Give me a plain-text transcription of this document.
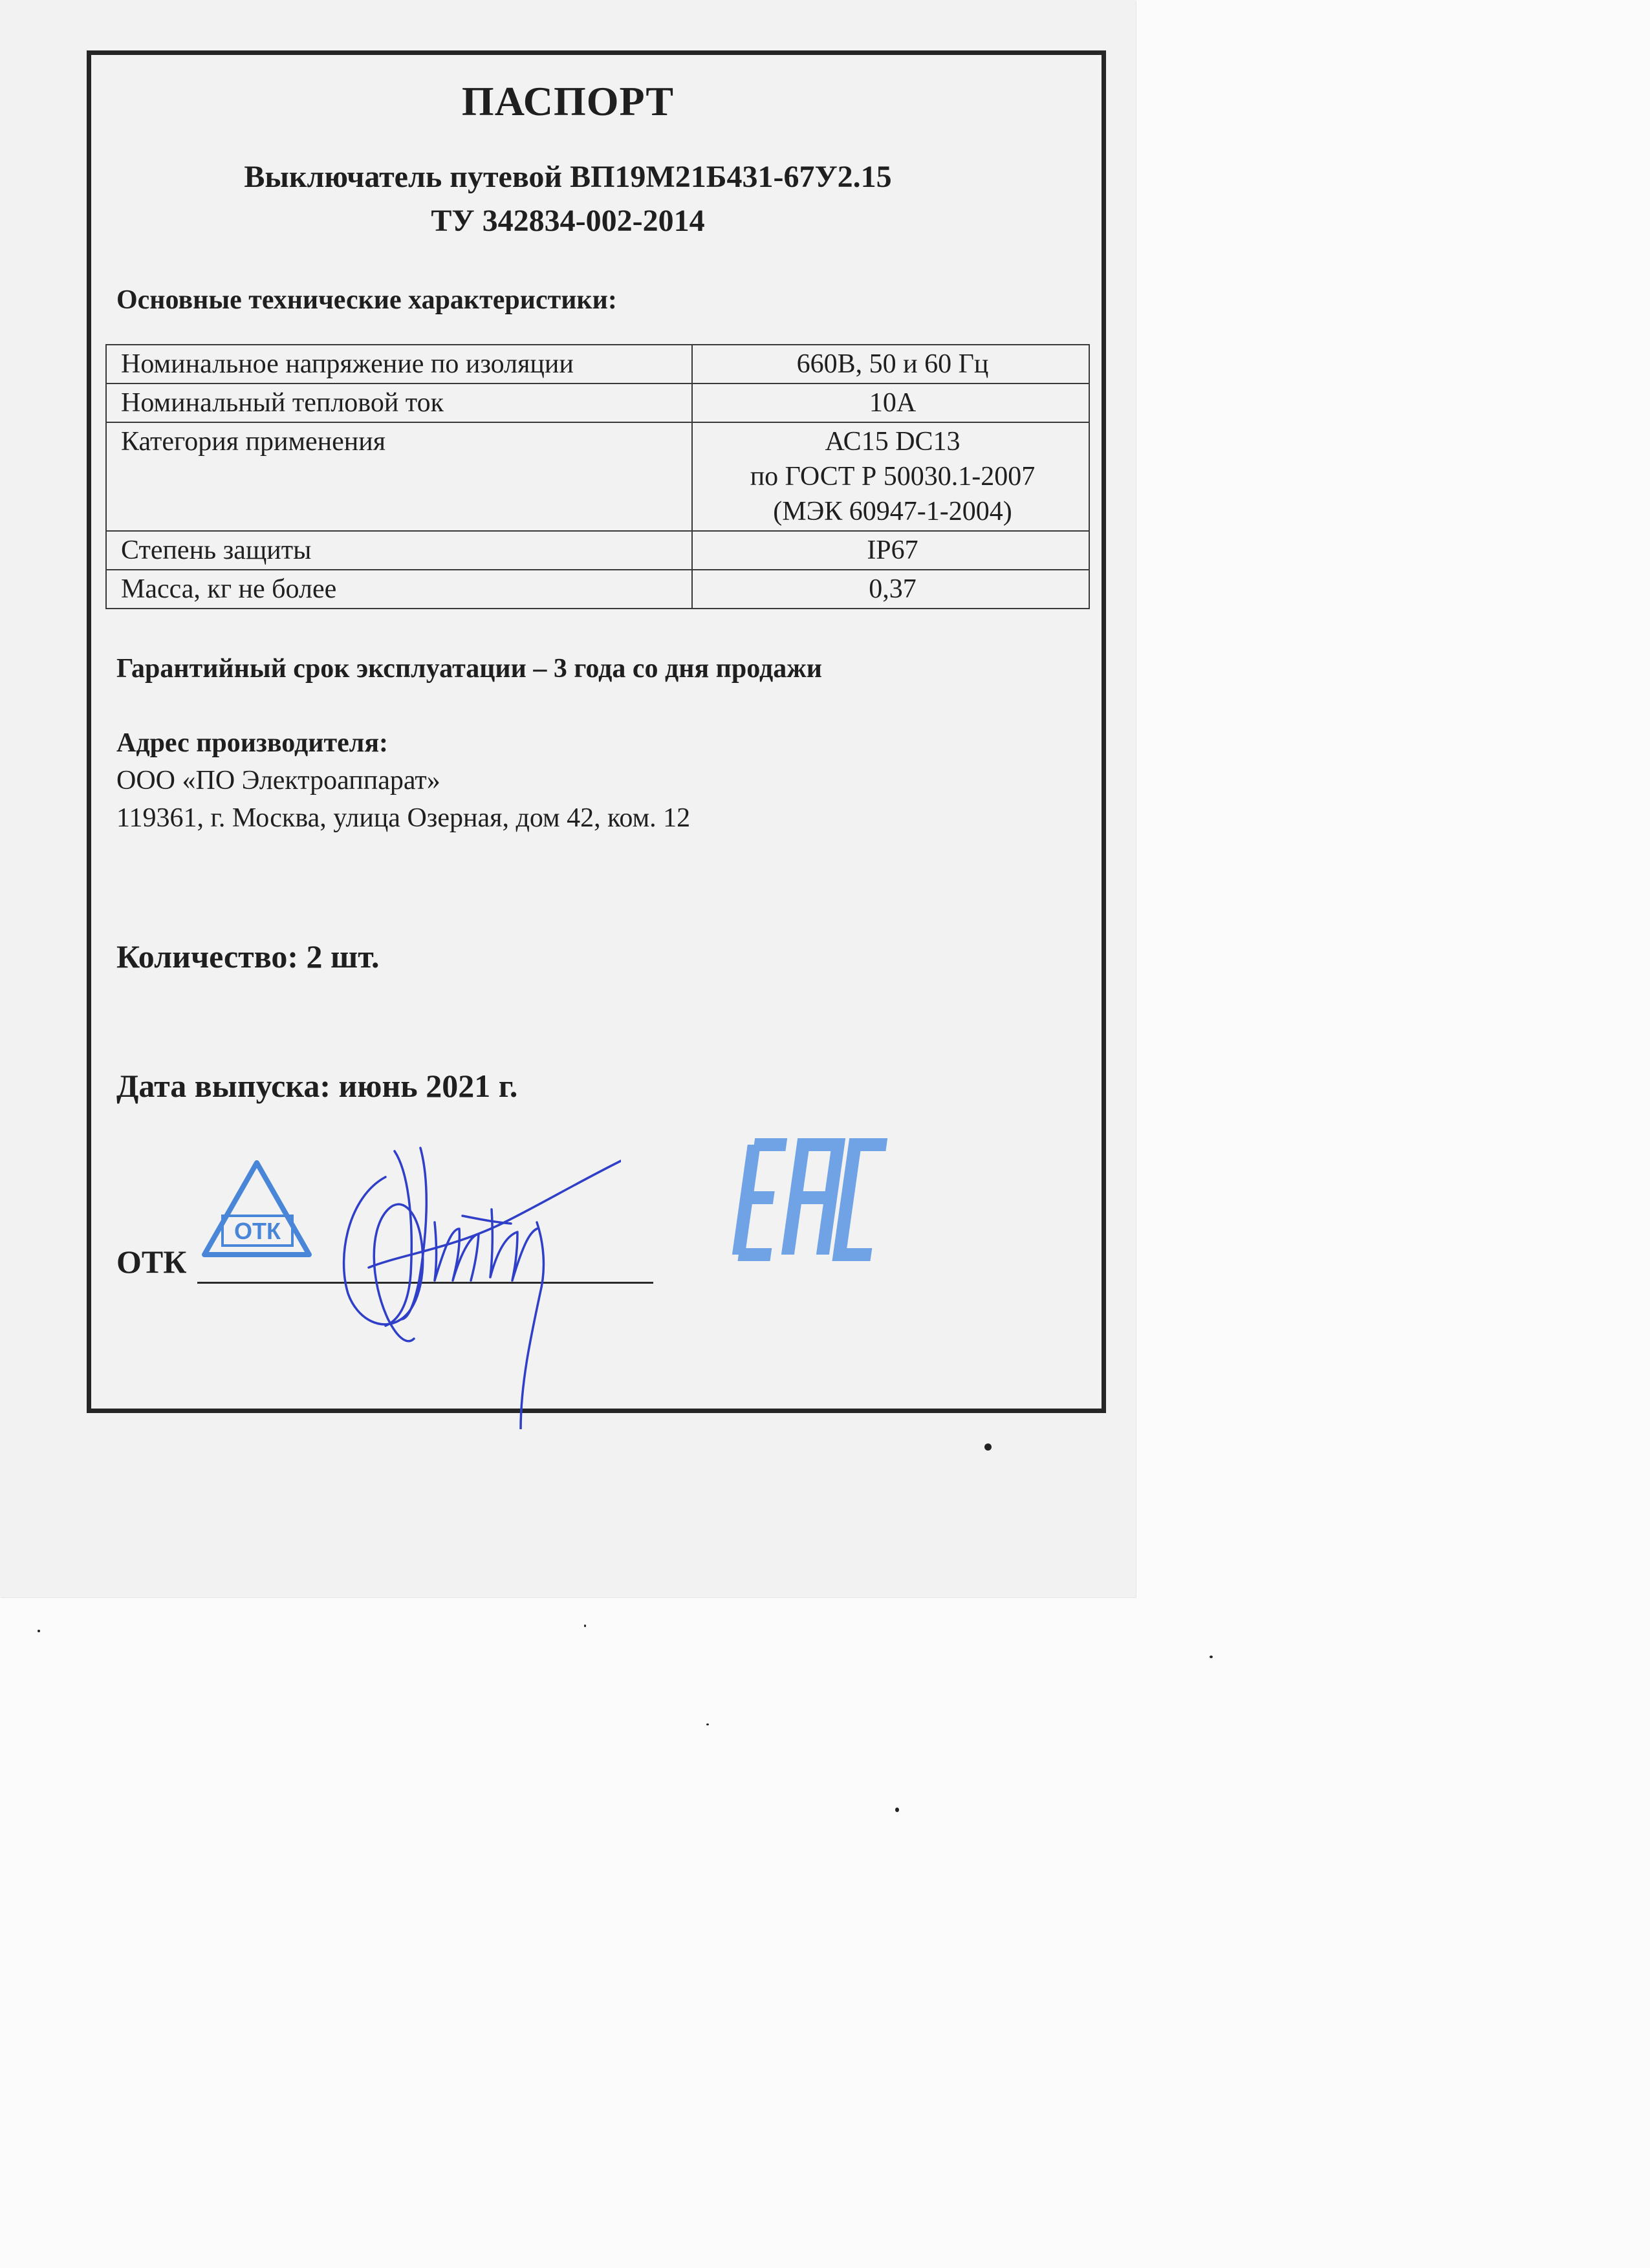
ПАСПОРТ
Выключатель путевой ВП19М21Б431-67У2.15
ТУ 342834-002-2014
Основные технические характеристики:
Номинальное напряжение по изоляции	660В, 50 и 60 Гц
Номинальный тепловой ток	10А
Категория применения	АС15 DC13
по ГОСТ Р 50030.1-2007
(МЭК 60947-1-2004)

Степень защиты	IP67
Масса, кг не более	0,37
Гарантийный срок эксплуатации – 3 года со дня продажи
Адрес производителя:
ООО «ПО Электроаппарат»
119361, г. Москва, улица Озерная, дом 42, ком. 12
Количество: 2 шт.
Дата выпуска: июнь 2021 г.
ОТК
ОТК
EAC
